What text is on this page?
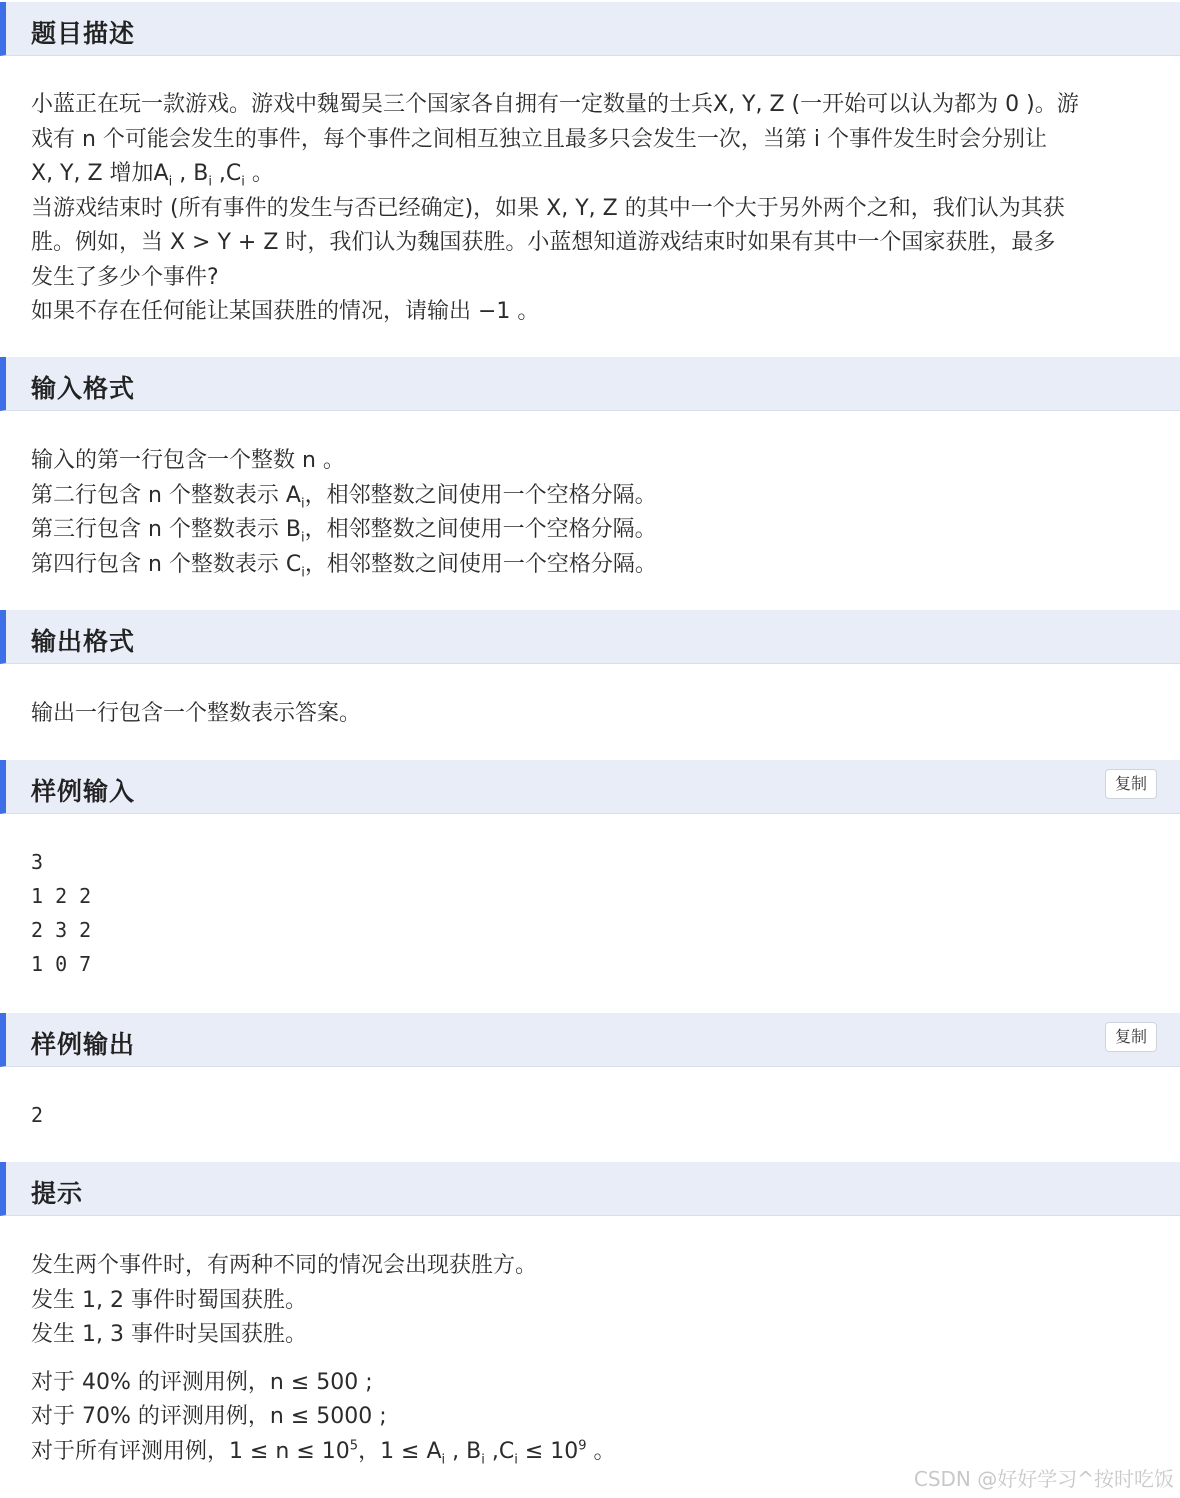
题目描述
小蓝正在玩一款游戏。游戏中魏蜀吴三个国家各自拥有一定数量的士兵X, Y, Z (一开始可以认为都为 0 )。游
戏有 n 个可能会发生的事件，每个事件之间相互独立且最多只会发生一次，当第 i 个事件发生时会分别让
X, Y, Z 增加$A_i$ , $B_i$ $,C_i$ 。
当游戏结束时 (所有事件的发生与否已经确定)，如果 X, Y, Z 的其中一个大于另外两个之和，我们认为其获
胜。例如，当 X > Y + Z 时，我们认为魏国获胜。小蓝想知道游戏结束时如果有其中一个国家获胜，最多
发生了多少个事件?
如果不存在任何能让某国获胜的情况，请输出 −1 。
输入格式
输入的第一行包含一个整数 n 。
第二行包含 n 个整数表示 $A_i$，相邻整数之间使用一个空格分隔。
第三行包含 n 个整数表示 $B_i$，相邻整数之间使用一个空格分隔。
第四行包含 n 个整数表示 $C_i$，相邻整数之间使用一个空格分隔。
输出格式
输出一行包含一个整数表示答案。
样例输入	复制
3
1 2 2
2 3 2
1 0 7
样例输出	复制
2
提示
发生两个事件时，有两种不同的情况会出现获胜方。
发生 1, 2 事件时蜀国获胜。
发生 1, 3 事件时吴国获胜。
对于 40% 的评测用例，n ≤ 500 ;
对于 70% 的评测用例，n ≤ 5000 ;
对于所有评测用例，$1 \le n \le 10^5$，$1 \le A_i$ , $B_i$ $,C_i \le 10^9$ 。
CSDN @好好学习^按时吃饭
